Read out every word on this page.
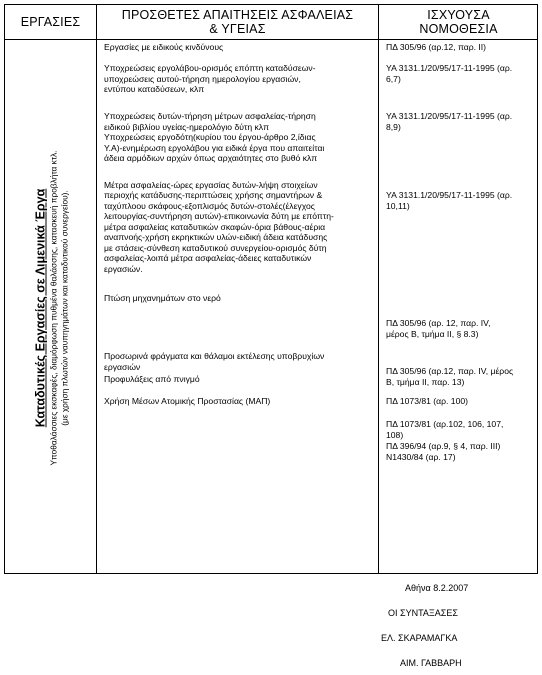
ΕΡΓΑΣΙΕΣ	ΠΡΟΣΘΕΤΕΣ ΑΠΑΙΤΗΣΕΙΣ ΑΣΦΑΛΕΙΑΣ
& ΥΓΕΙΑΣ
ΙΣΧΥΟΥΣΑ
ΝΟΜΟΘΕΣΙΑ
Καταδυτικές Εργασίες σε Λιμενικά Έργα Υποθαλάσσιες εκσκαφές, διαμόρφωση πυθμένα θαλάσσης, κατασκευή προβλήτα κτλ. (με χρήση πλωτών ναυπηγημάτων και καταδυτικού συνεργείου).
Εργασίες με ειδικούς κινδύνους
Υποχρεώσεις εργολάβου-ορισμός επόπτη καταδύσεων-
υποχρεώσεις αυτού-τήρηση ημερολογίου εργασιών,
εντύπου καταδύσεων, κλπ
Υποχρεώσεις δυτών-τήρηση μέτρων ασφαλείας-τήρηση
ειδικού βιβλίου υγείας-ημερολόγιο δύτη κλπ
Υποχρεώσεις εργοδότη(κυρίου του έργου-άρθρο 2,ίδιας
Υ.Α)-ενημέρωση εργολάβου για ειδικά έργα που απαιτείται
άδεια αρμόδιων αρχών όπως αρχαιότητες στο βυθό κλπ
Μέτρα ασφαλείας-ώρες εργασίας δυτών-λήψη στοιχείων
περιοχής κατάδυσης-περιπτώσεις χρήσης σημαντήρων &
ταχύπλοου σκάφους-εξοπλισμός δυτών-στολές(έλεγχος
λειτουργίας-συντήρηση αυτών)-επικοινωνία δύτη με επόπτη-
μέτρα ασφαλείας καταδυτικών σκαφών-όρια βάθους-αέρια
αναπνοής-χρήση εκρηκτικών υλών-ειδική άδεια κατάδυσης
με στάσεις-σύνθεση καταδυτικού συνεργείου-ορισμός δύτη
ασφαλείας-λοιπά μέτρα ασφαλείας-άδειες καταδυτικών
εργασιών.
Πτώση μηχανημάτων στο νερό
Προσωρινά φράγματα και θάλαμοι εκτέλεσης υποβρυχίων
εργασιών
Προφυλάξεις από πνιγμό
Χρήση Μέσων Ατομικής Προστασίας (ΜΑΠ)
ΠΔ 305/96 (αρ.12, παρ. ΙΙ)
ΥΑ 3131.1/20/95/17-11-1995 (αρ.
6,7)
ΥΑ 3131.1/20/95/17-11-1995 (αρ.
8,9)
ΥΑ 3131.1/20/95/17-11-1995 (αρ.
10,11)
ΠΔ 305/96 (αρ. 12, παρ. IV,
μέρος Β, τμήμα ΙΙ, § 8.3)
ΠΔ 305/96 (αρ.12, παρ. IV, μέρος
Β, τμήμα ΙΙ, παρ. 13)
ΠΔ 1073/81 (αρ. 100)
ΠΔ 1073/81 (αρ.102, 106, 107,
108)
ΠΔ 396/94 (αρ.9, § 4, παρ. ΙΙΙ)
Ν1430/84 (αρ. 17)
Αθήνα 8.2.2007
ΟΙ ΣΥΝΤΑΞΑΣΕΣ
ΕΛ. ΣΚΑΡΑΜΑΓΚΑ
ΑΙΜ. ΓΑΒΒΑΡΗ
